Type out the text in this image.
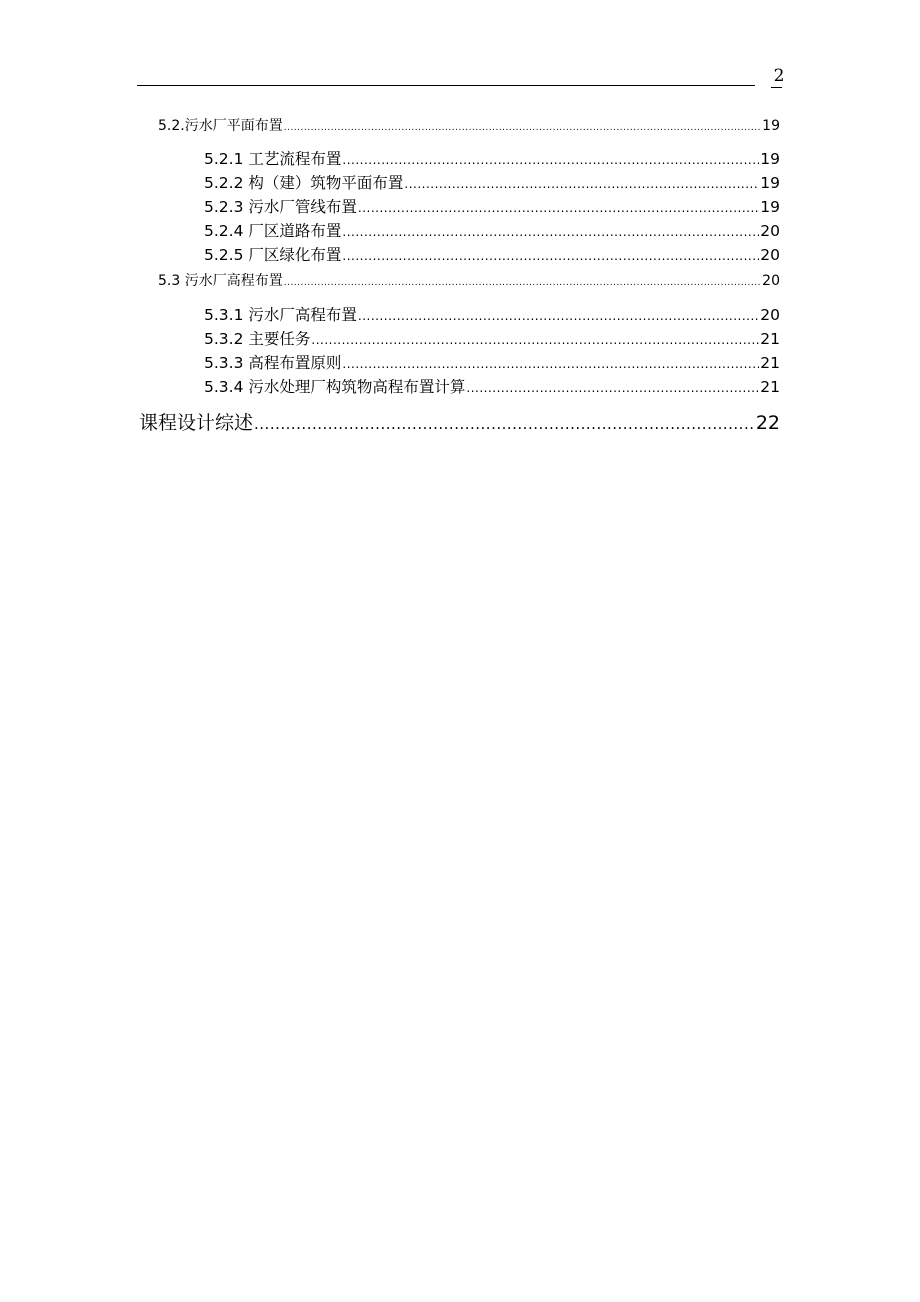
2
5.2.污水厂平面布置 .....	19
5.2.1 工艺流程布置 .....	19
5.2.2 构（建）筑物平面布置 .....	19
5.2.3 污水厂管线布置 .....	19
5.2.4 厂区道路布置 .....	20
5.2.5 厂区绿化布置 .....	20
5.3 污水厂高程布置 .....	20
5.3.1 污水厂高程布置 .....	20
5.3.2 主要任务 .....	21
5.3.3 高程布置原则 .....	21
5.3.4 污水处理厂构筑物高程布置计算 .....	21
课程设计综述 .....	22
